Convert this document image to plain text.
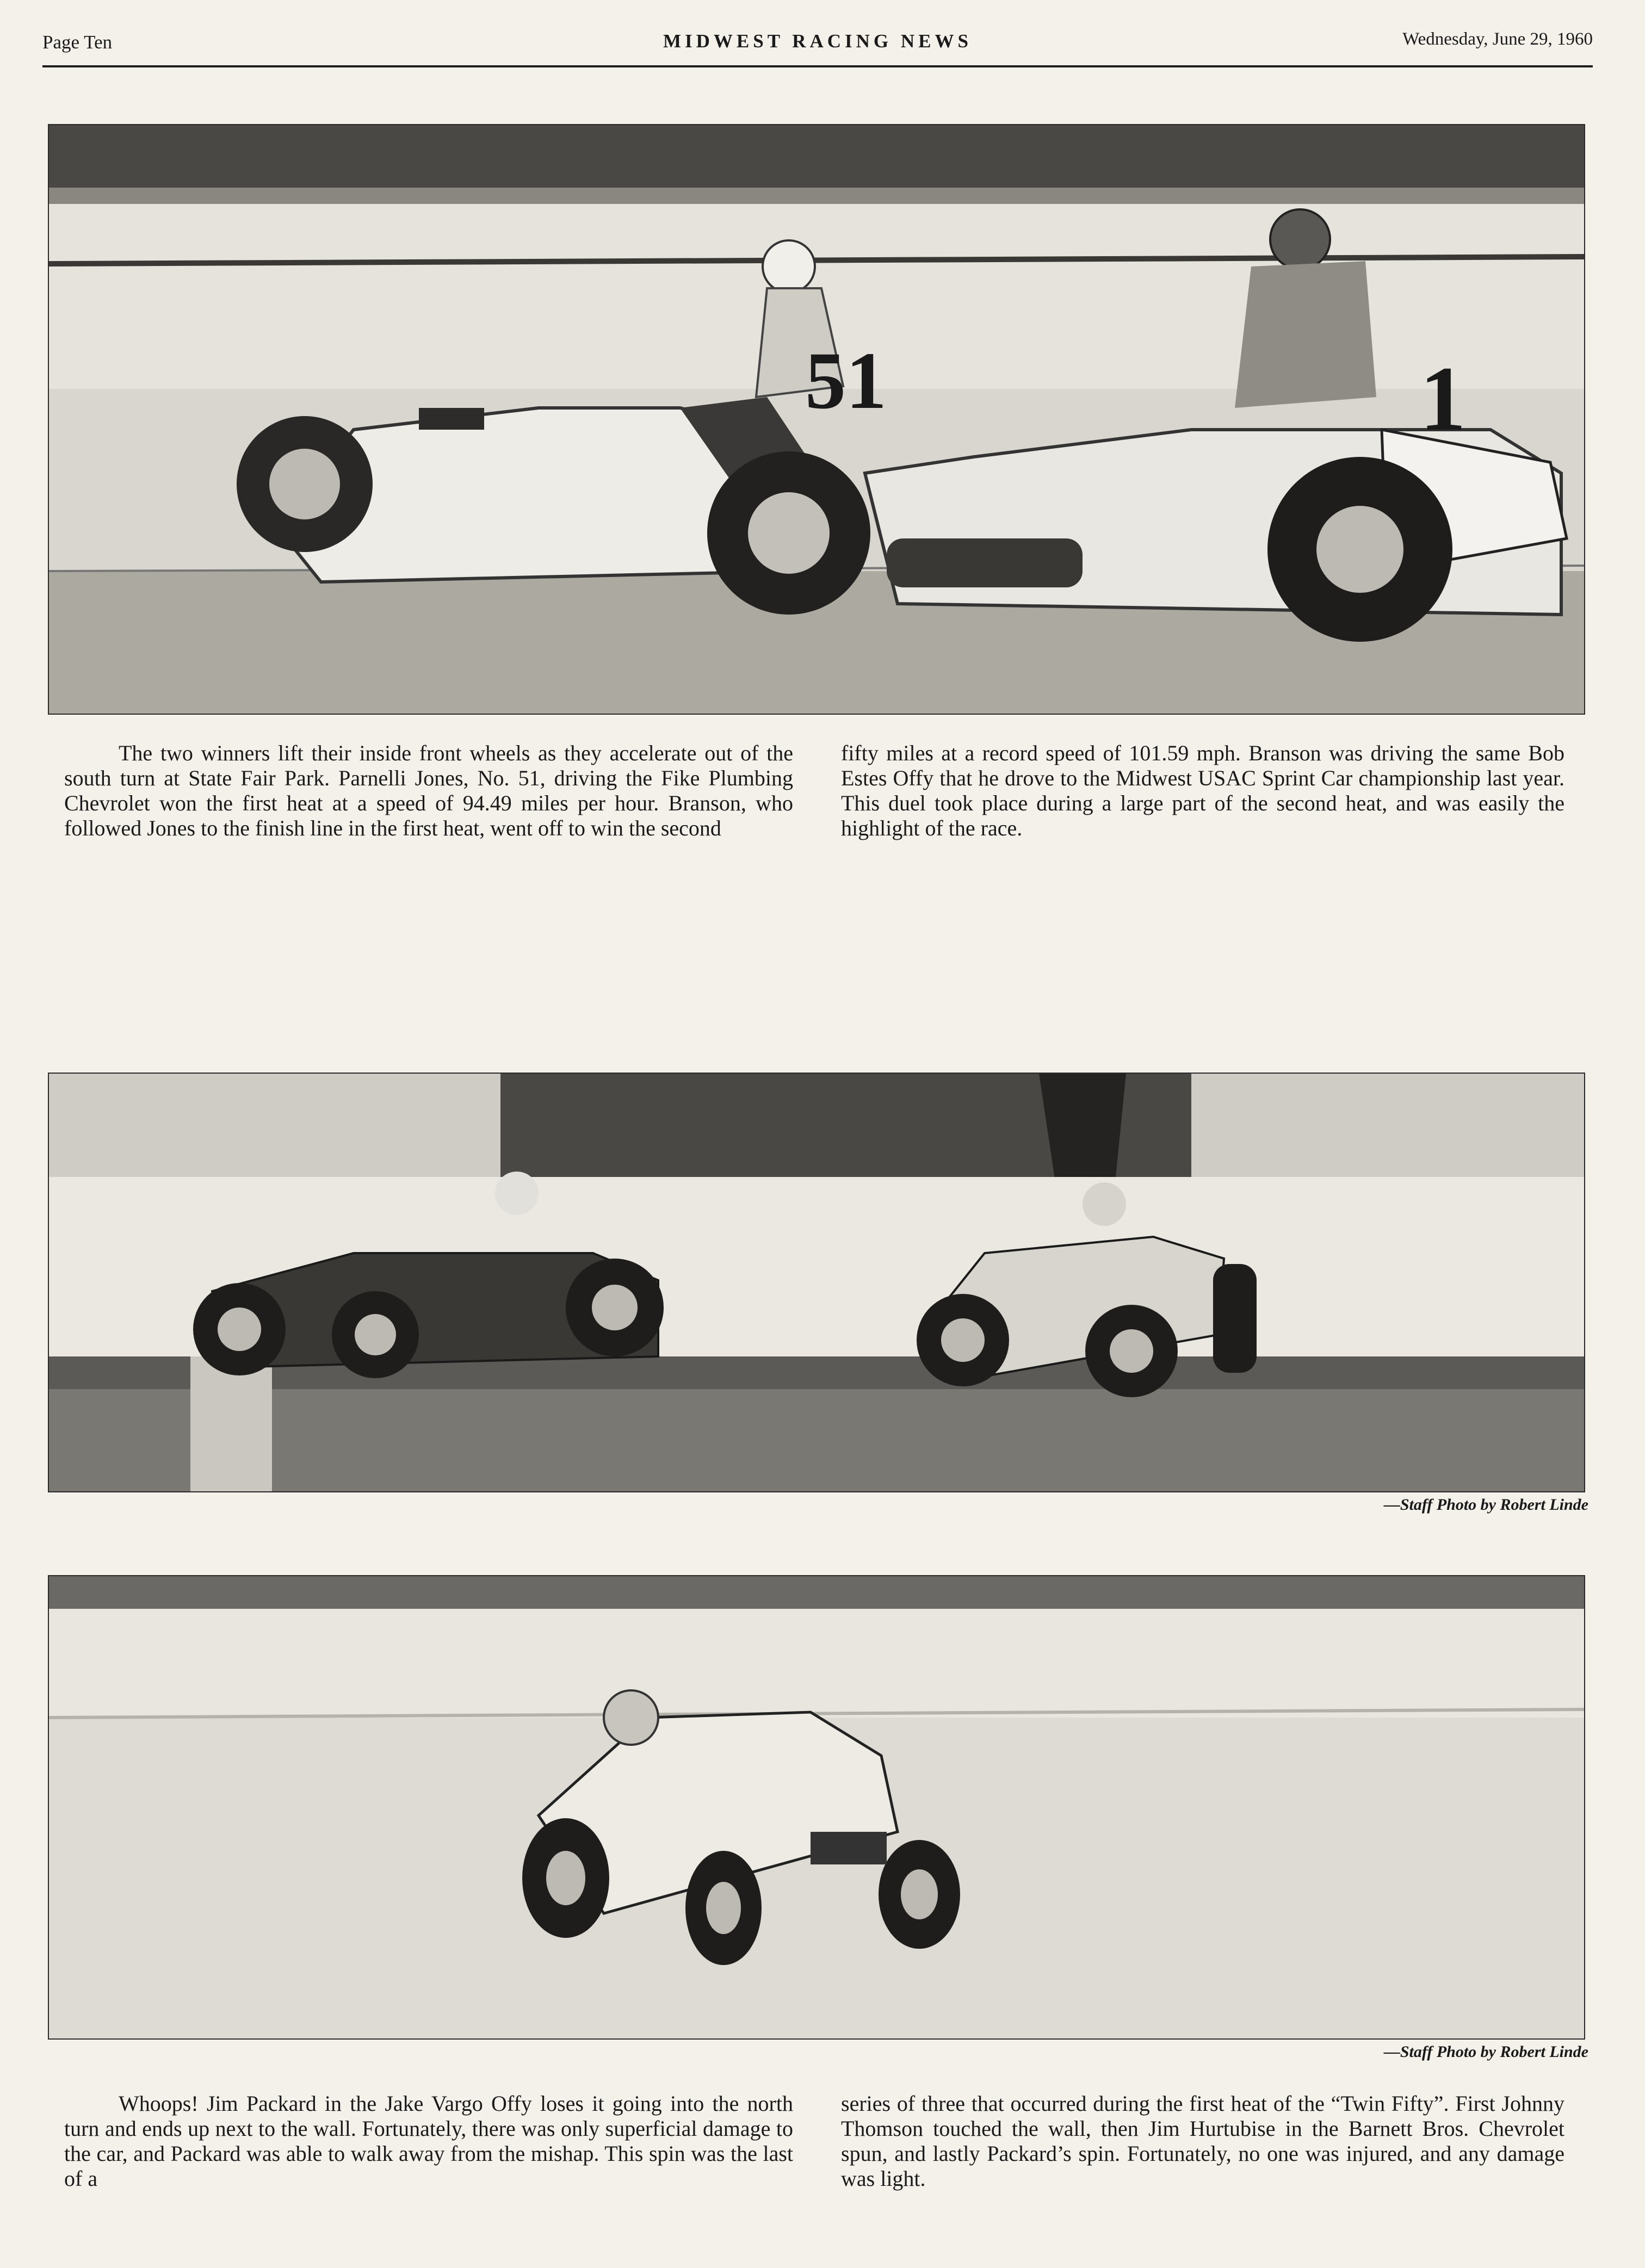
Page Ten	MIDWEST RACING NEWS	Wednesday, June 29, 1960
51	1

The two winners lift their inside front wheels as they accelerate out of the south turn at State Fair Park. Parnelli Jones, No. 51, driving the Fike Plumbing Chevrolet won the first heat at a speed of 94.49 miles per hour. Branson, who followed Jones to the finish line in the first heat, went off to win the second

fifty miles at a record speed of 101.59 mph. Branson was driving the same Bob Estes Offy that he drove to the Midwest USAC Sprint Car championship last year. This duel took place during a large part of the second heat, and was easily the highlight of the race.

—Staff Photo by Robert Linde
—Staff Photo by Robert Linde

Whoops! Jim Packard in the Jake Vargo Offy loses it going into the north turn and ends up next to the wall. Fortunately, there was only superficial damage to the car, and Packard was able to walk away from the mishap. This spin was the last of a

series of three that occurred during the first heat of the “Twin Fifty”. First Johnny Thomson touched the wall, then Jim Hurtubise in the Barnett Bros. Chevrolet spun, and lastly Packard’s spin. Fortunately, no one was injured, and any damage was light.
